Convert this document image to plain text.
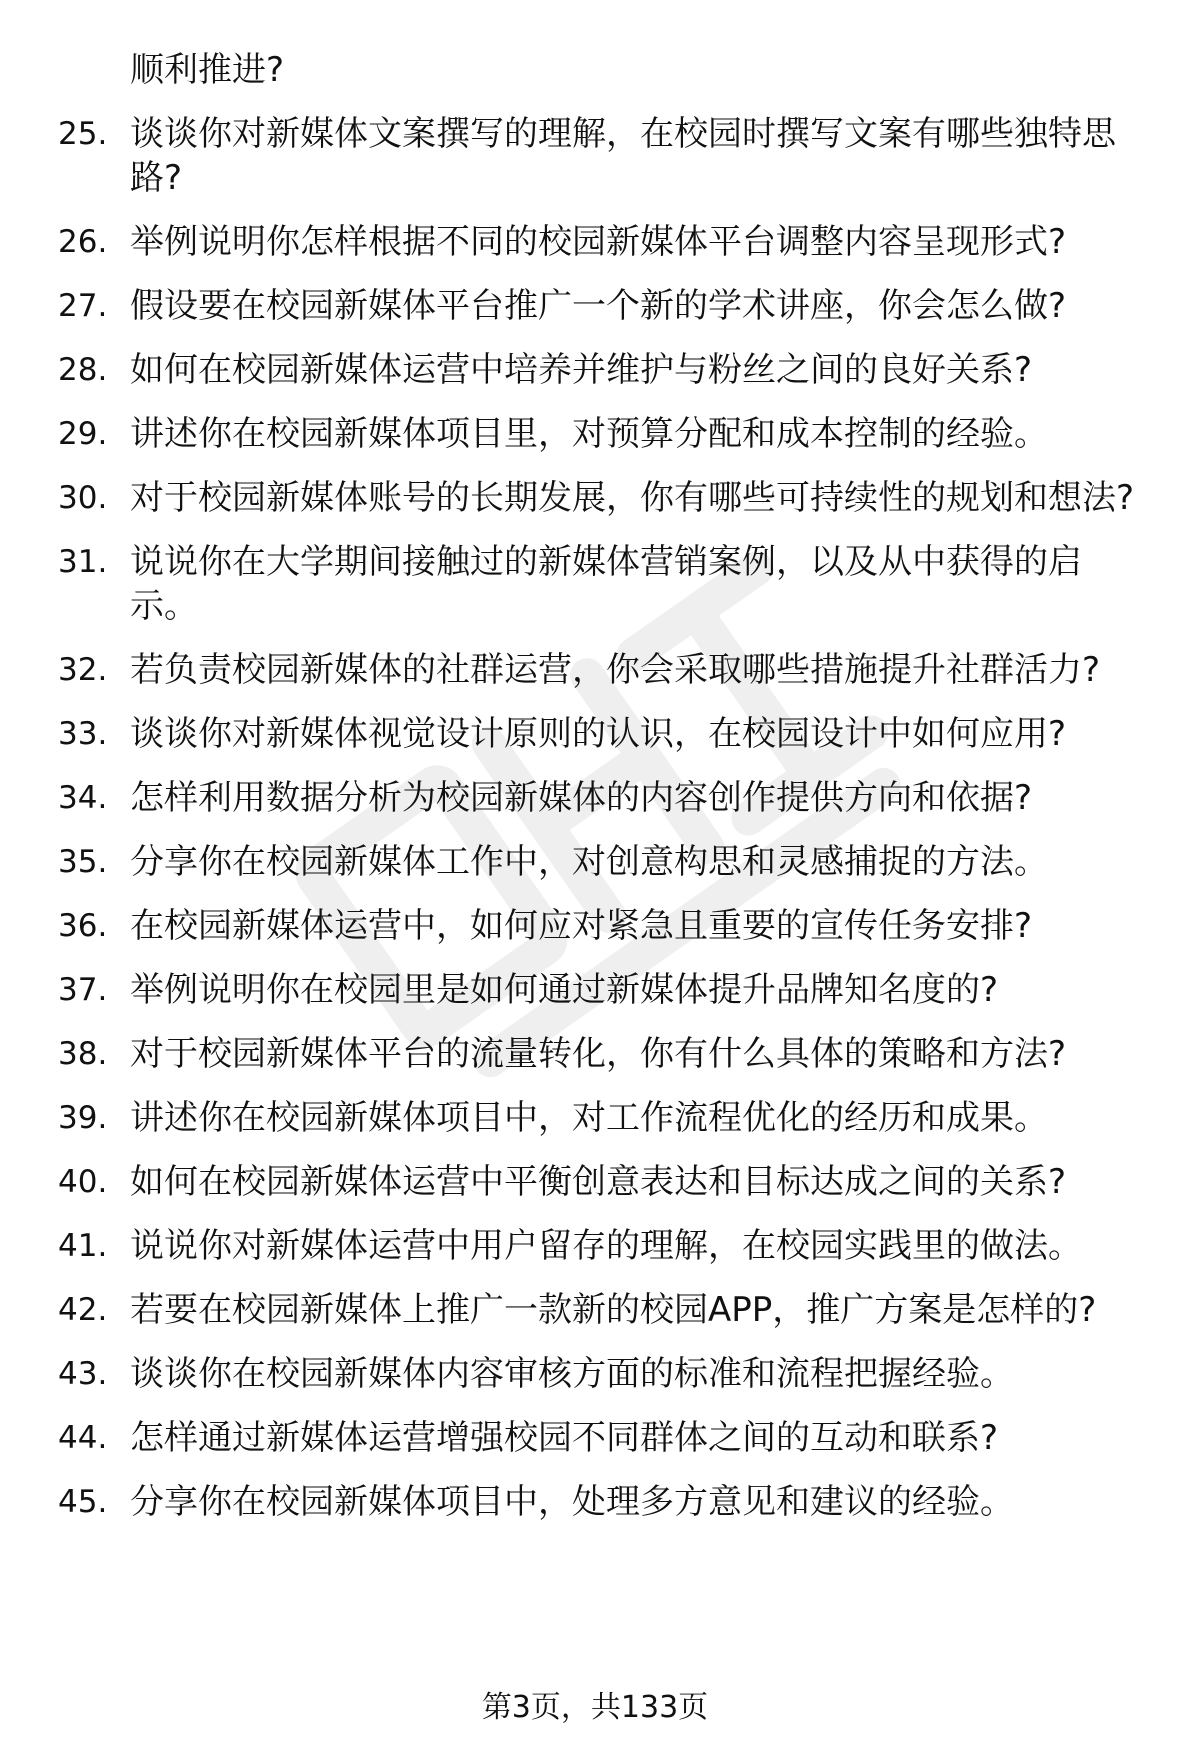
顺利推进?
25. 谈谈你对新媒体文案撰写的理解，在校园时撰写文案有哪些独特思路?
26. 举例说明你怎样根据不同的校园新媒体平台调整内容呈现形式?
27. 假设要在校园新媒体平台推广一个新的学术讲座，你会怎么做?
28. 如何在校园新媒体运营中培养并维护与粉丝之间的良好关系?
29. 讲述你在校园新媒体项目里，对预算分配和成本控制的经验。
30. 对于校园新媒体账号的长期发展，你有哪些可持续性的规划和想法?
31. 说说你在大学期间接触过的新媒体营销案例，以及从中获得的启示。
32. 若负责校园新媒体的社群运营，你会采取哪些措施提升社群活力?
33. 谈谈你对新媒体视觉设计原则的认识，在校园设计中如何应用?
34. 怎样利用数据分析为校园新媒体的内容创作提供方向和依据?
35. 分享你在校园新媒体工作中，对创意构思和灵感捕捉的方法。
36. 在校园新媒体运营中，如何应对紧急且重要的宣传任务安排?
37. 举例说明你在校园里是如何通过新媒体提升品牌知名度的?
38. 对于校园新媒体平台的流量转化，你有什么具体的策略和方法?
39. 讲述你在校园新媒体项目中，对工作流程优化的经历和成果。
40. 如何在校园新媒体运营中平衡创意表达和目标达成之间的关系?
41. 说说你对新媒体运营中用户留存的理解，在校园实践里的做法。
42. 若要在校园新媒体上推广一款新的校园APP，推广方案是怎样的?
43. 谈谈你在校园新媒体内容审核方面的标准和流程把握经验。
44. 怎样通过新媒体运营增强校园不同群体之间的互动和联系?
45. 分享你在校园新媒体项目中，处理多方意见和建议的经验。
第3页，共133页
